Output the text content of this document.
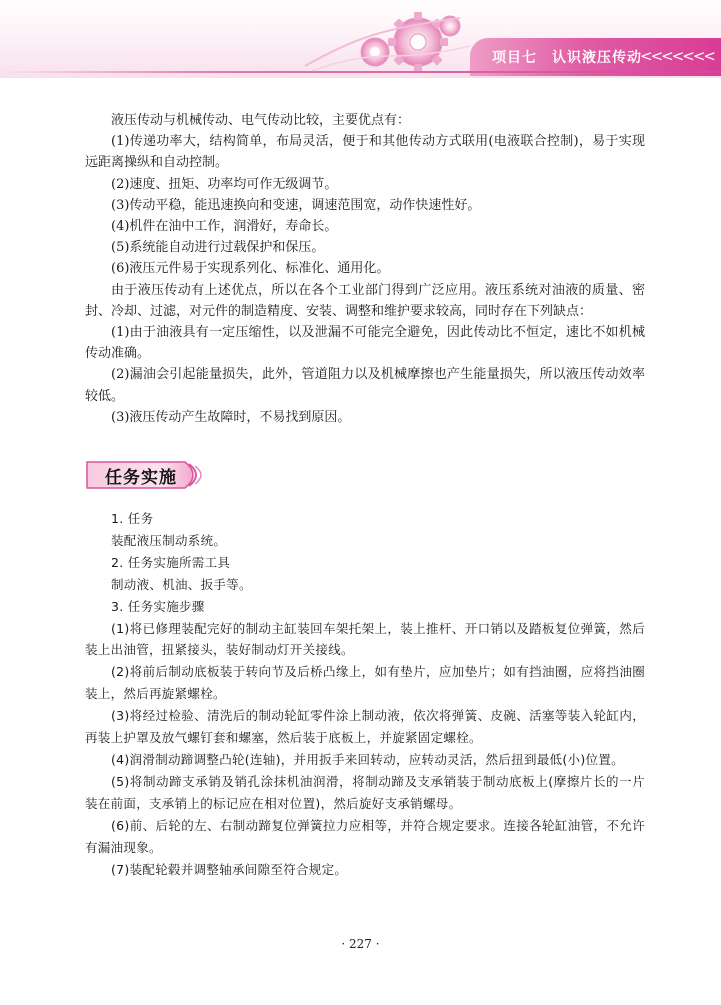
项目七　认识液压传动
<<<<<<<

液压传动与机械传动、电气传动比较，主要优点有：

(1)传递功率大，结构简单，布局灵活，便于和其他传动方式联用(电液联合控制)，易于实现远距离操纵和自动控制。

(2)速度、扭矩、功率均可作无级调节。

(3)传动平稳，能迅速换向和变速，调速范围宽，动作快速性好。

(4)机件在油中工作，润滑好，寿命长。

(5)系统能自动进行过载保护和保压。

(6)液压元件易于实现系列化、标准化、通用化。

由于液压传动有上述优点，所以在各个工业部门得到广泛应用。液压系统对油液的质量、密封、冷却、过滤，对元件的制造精度、安装、调整和维护要求较高，同时存在下列缺点：

(1)由于油液具有一定压缩性，以及泄漏不可能完全避免，因此传动比不恒定，速比不如机械传动准确。

(2)漏油会引起能量损失，此外，管道阻力以及机械摩擦也产生能量损失，所以液压传动效率较低。

(3)液压传动产生故障时，不易找到原因。

任务实施

1. 任务

装配液压制动系统。

2. 任务实施所需工具

制动液、机油、扳手等。

3. 任务实施步骤

(1)将已修理装配完好的制动主缸装回车架托架上，装上推杆、开口销以及踏板复位弹簧，然后装上出油管，扭紧接头，装好制动灯开关接线。

(2)将前后制动底板装于转向节及后桥凸缘上，如有垫片，应加垫片；如有挡油圈，应将挡油圈装上，然后再旋紧螺栓。

(3)将经过检验、清洗后的制动轮缸零件涂上制动液，依次将弹簧、皮碗、活塞等装入轮缸内，再装上护罩及放气螺钉套和螺塞，然后装于底板上，并旋紧固定螺栓。

(4)润滑制动蹄调整凸轮(连轴)，并用扳手来回转动，应转动灵活，然后扭到最低(小)位置。

(5)将制动蹄支承销及销孔涂抹机油润滑，将制动蹄及支承销装于制动底板上(摩擦片长的一片装在前面，支承销上的标记应在相对位置)，然后旋好支承销螺母。

(6)前、后轮的左、右制动蹄复位弹簧拉力应相等，并符合规定要求。连接各轮缸油管，不允许有漏油现象。

(7)装配轮毂并调整轴承间隙至符合规定。

· 227 ·
